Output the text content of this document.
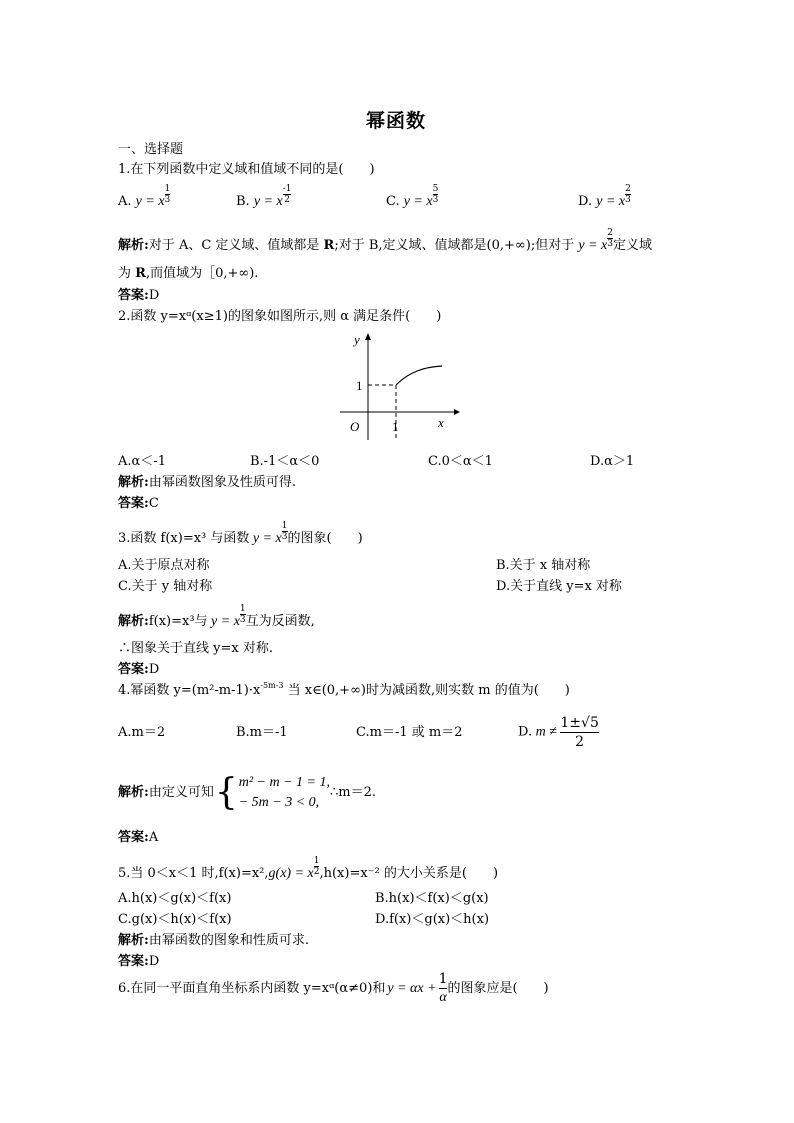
幂函数
一、选择题
1.在下列函数中定义域和值域不同的是(　　)
A. y = x $\frac{1}{3}$	B. y = x $\frac{-1}{2}$	C. y = x $\frac{5}{3}$	D. y = x $\frac{2}{3}$
解析:对于 A、C 定义域、值域都是 R;对于 B,定义域、值域都是(0,+∞);但对于 y = x $\frac{2}{3}$ 定义域
为 R,而值域为［0,+∞).
答案:D
2.函数 y=xᵅ(x≥1)的图象如图所示,则 α 满足条件(　　)
y
x
O	1
1
A.α＜-1	B.-1＜α＜0	C.0＜α＜1	D.α＞1
解析:由幂函数图象及性质可得.
答案:C
3.函数 f(x)=x³ 与函数 y = x $\frac{1}{3}$ 的图象(　　)
A.关于原点对称	B.关于 x 轴对称
C.关于 y 轴对称	D.关于直线 y=x 对称
解析:f(x)=x³与 y = x $\frac{1}{3}$ 互为反函数,
∴图象关于直线 y=x 对称.
答案:D
4.幂函数 $y=(m^2-m-1)\cdot x^{-5m-3}$ 当 x∈(0,+∞)时为减函数,则实数 m 的值为(　　)
A.m＝2	B.m＝-1	C.m＝-1 或 m＝2	D. $m \ne \frac{1\pm√5}{2}$
解析: 由定义可知 { m² − m − 1 = 1,
− 5m − 3 < 0,
∴m＝2.
答案:A
5.当 0＜x＜1 时,f(x)=x²,g(x) = x $\frac{1}{2} ,h(x)=x^{-2}$ 的大小关系是(　　)
A.h(x)＜g(x)＜f(x)	B.h(x)＜f(x)＜g(x)
C.g(x)＜h(x)＜f(x)	D.f(x)＜g(x)＜h(x)
解析:由幂函数的图象和性质可求.
答案:D
6.在同一平面直角坐标系内函数 y=xᵅ(α≠0)和 y = αx +
1
α
的图象应是(　　)
